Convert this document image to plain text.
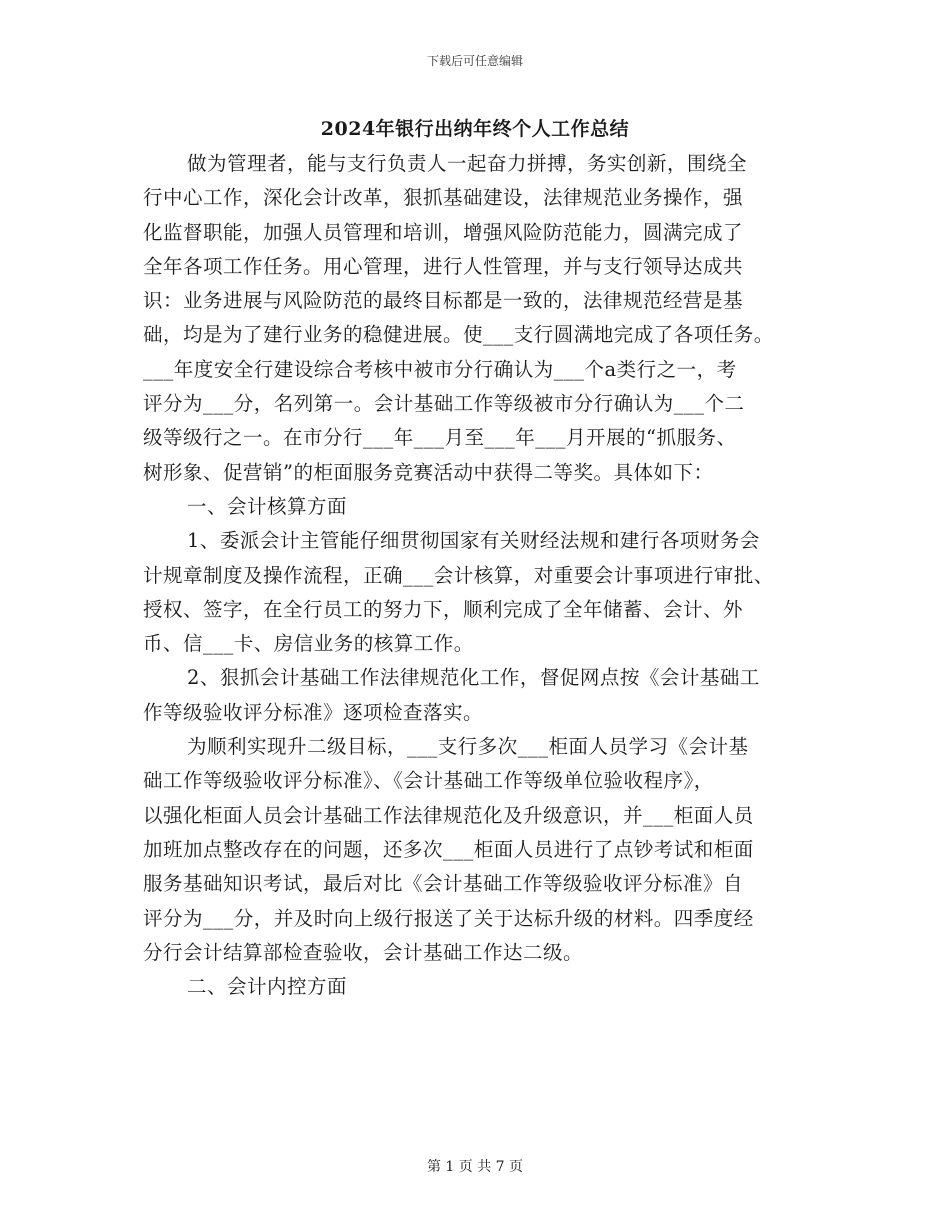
下载后可任意编辑
2024年银行出纳年终个人工作总结
做为管理者，能与支行负责人一起奋力拼搏，务实创新，围绕全
行中心工作，深化会计改革，狠抓基础建设，法律规范业务操作，强
化监督职能，加强人员管理和培训，增强风险防范能力，圆满完成了
全年各项工作任务。用心管理，进行人性管理，并与支行领导达成共
识：业务进展与风险防范的最终目标都是一致的，法律规范经营是基
础，均是为了建行业务的稳健进展。使___支行圆满地完成了各项任务。
___年度安全行建设综合考核中被市分行确认为___个a类行之一，考
评分为___分，名列第一。会计基础工作等级被市分行确认为___个二
级等级行之一。在市分行___年___月至___年___月开展的“抓服务、
树形象、促营销”的柜面服务竞赛活动中获得二等奖。具体如下：
一、会计核算方面
1、委派会计主管能仔细贯彻国家有关财经法规和建行各项财务会
计规章制度及操作流程，正确___会计核算，对重要会计事项进行审批、
授权、签字，在全行员工的努力下，顺利完成了全年储蓄、会计、外
币、信___卡、房信业务的核算工作。
2、狠抓会计基础工作法律规范化工作，督促网点按《会计基础工
作等级验收评分标准》逐项检查落实。
为顺利实现升二级目标，___支行多次___柜面人员学习《会计基
础工作等级验收评分标准》、《会计基础工作等级单位验收程序》，
以强化柜面人员会计基础工作法律规范化及升级意识，并___柜面人员
加班加点整改存在的问题，还多次___柜面人员进行了点钞考试和柜面
服务基础知识考试，最后对比《会计基础工作等级验收评分标准》自
评分为___分，并及时向上级行报送了关于达标升级的材料。四季度经
分行会计结算部检查验收，会计基础工作达二级。
二、会计内控方面
第 1 页 共 7 页
